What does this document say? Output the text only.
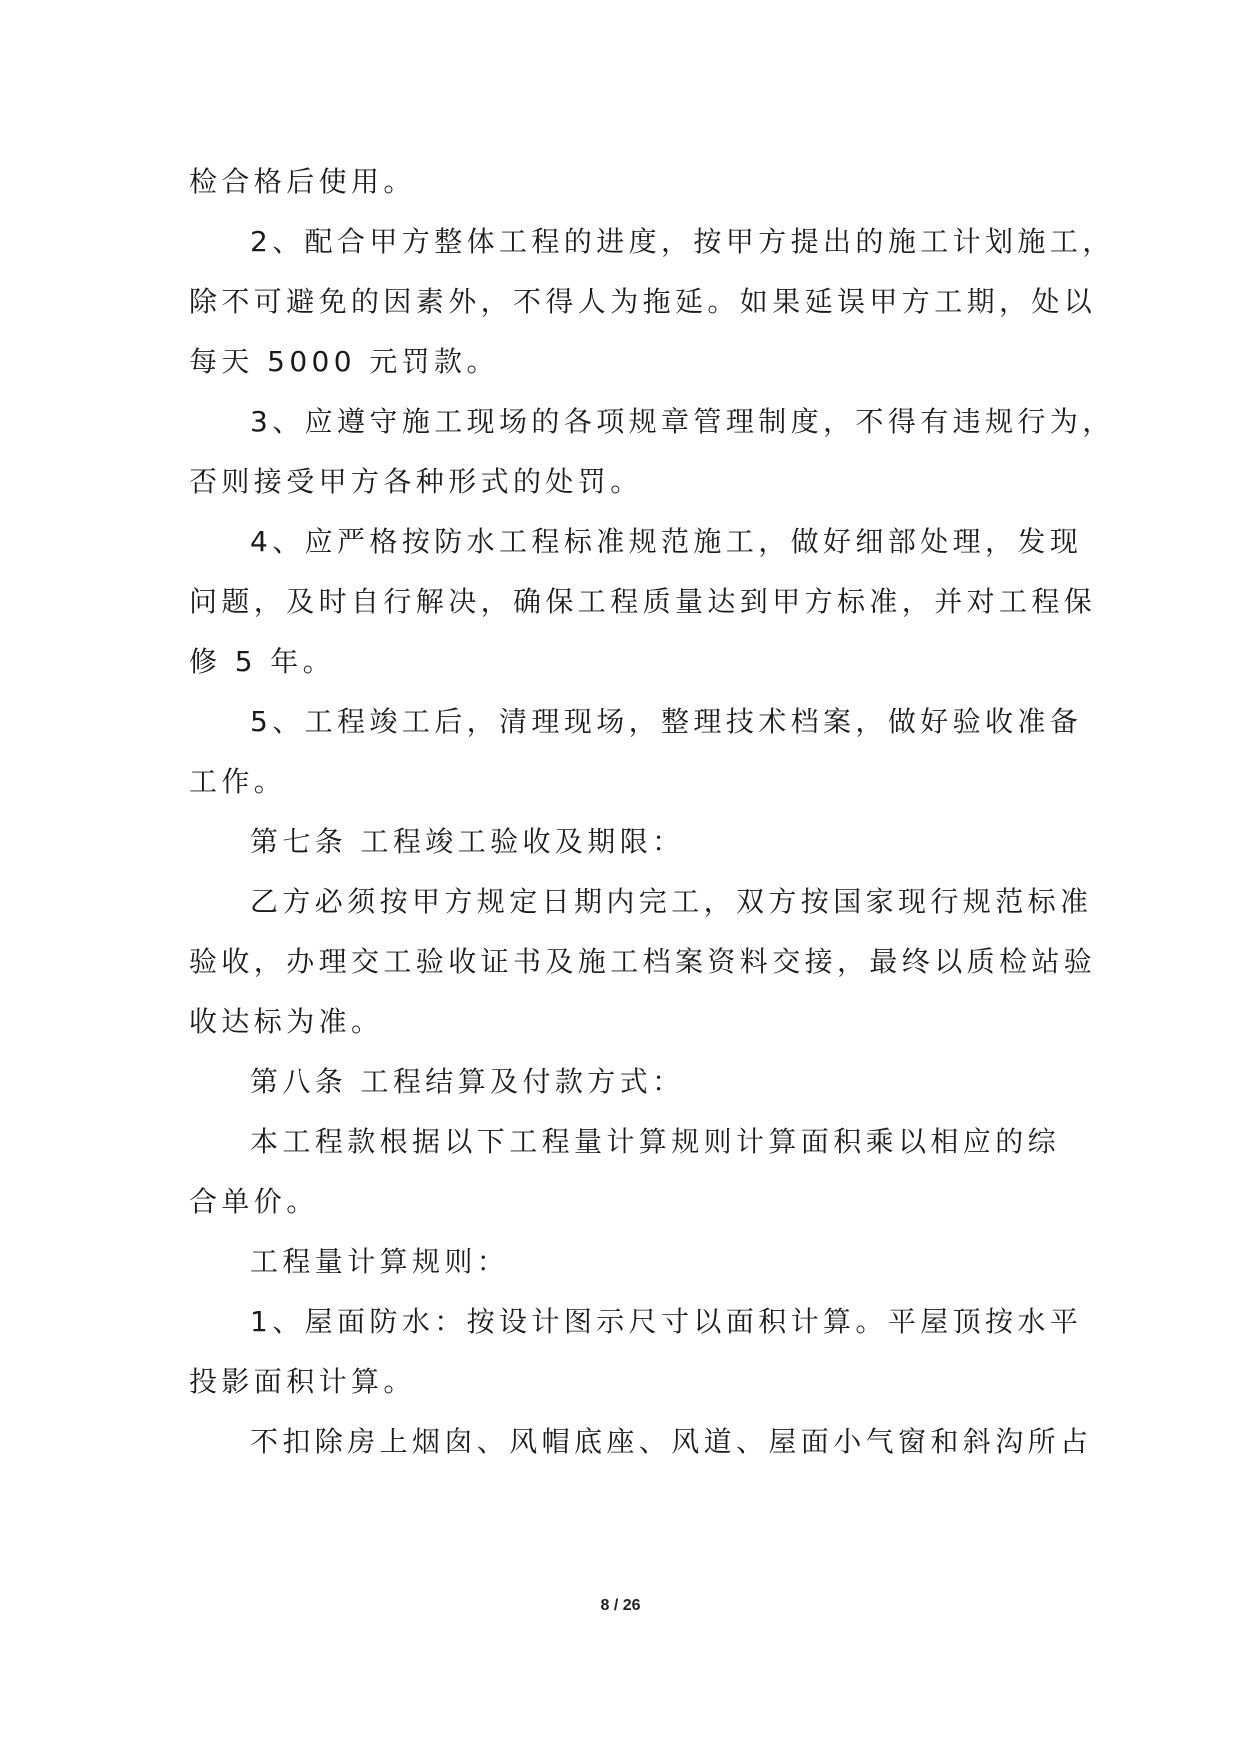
检合格后使用。
2、配合甲方整体工程的进度，按甲方提出的施工计划施工，
除不可避免的因素外，不得人为拖延。如果延误甲方工期，处以
每天 5000 元罚款。
3、应遵守施工现场的各项规章管理制度，不得有违规行为，
否则接受甲方各种形式的处罚。
4、应严格按防水工程标准规范施工，做好细部处理，发现
问题，及时自行解决，确保工程质量达到甲方标准，并对工程保
修 5 年。
5、工程竣工后，清理现场，整理技术档案，做好验收准备
工作。
第七条 工程竣工验收及期限：
乙方必须按甲方规定日期内完工，双方按国家现行规范标准
验收，办理交工验收证书及施工档案资料交接，最终以质检站验
收达标为准。
第八条 工程结算及付款方式：
本工程款根据以下工程量计算规则计算面积乘以相应的综
合单价。
工程量计算规则：
1、屋面防水：按设计图示尺寸以面积计算。平屋顶按水平
投影面积计算。
不扣除房上烟囱、风帽底座、风道、屋面小气窗和斜沟所占
8 / 26
